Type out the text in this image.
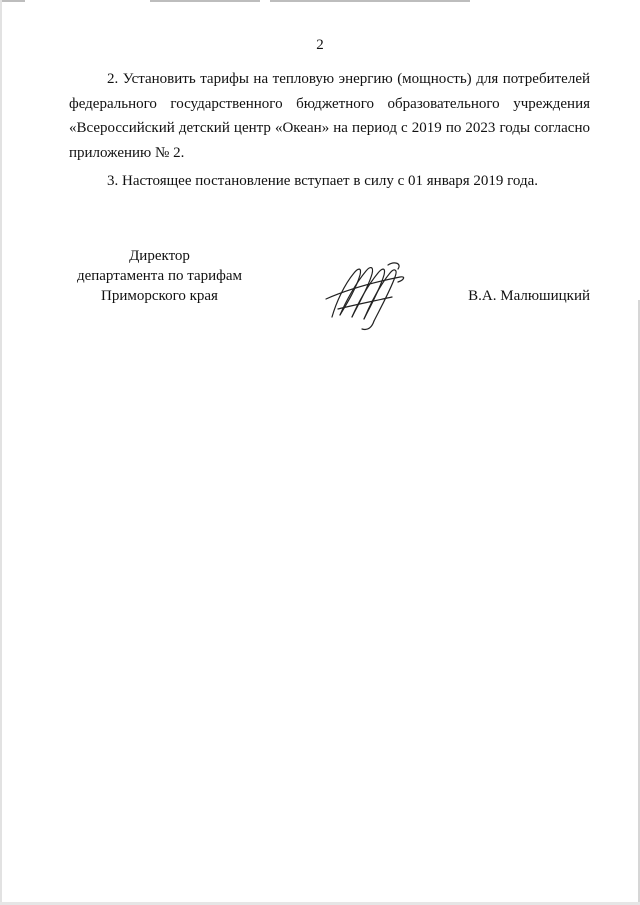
2

2. Установить тарифы на тепловую энергию (мощность) для потребителей федерального государственного бюджетного образовательного учреждения «Всероссийский детский центр «Океан» на период с 2019 по 2023 годы согласно приложению № 2.

3. Настоящее постановление вступает в силу с 01 января 2019 года.

Директор
департамента по тарифам
Приморского края	В.А. Малюшицкий
